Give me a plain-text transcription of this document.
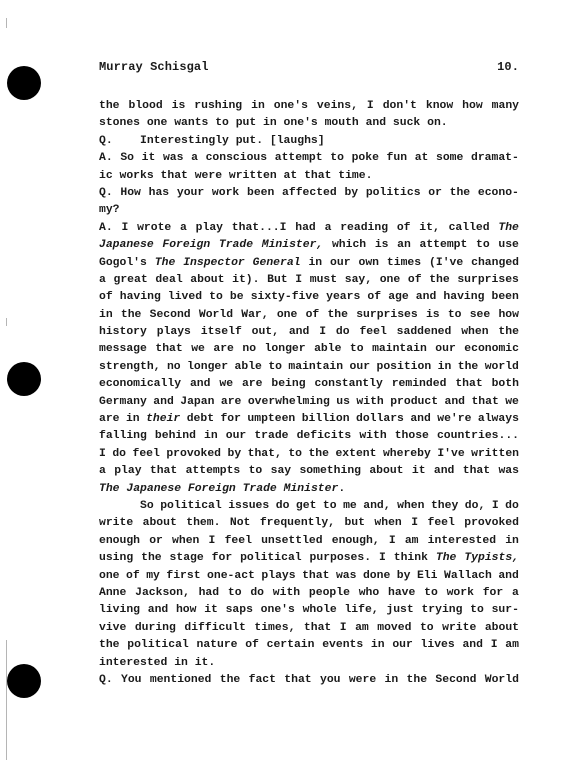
Murray Schisgal	10.
the blood is rushing in one's veins, I don't know how many
stones one wants to put in one's mouth and suck on.
Q.    Interestingly put. [laughs]
A. So it was a conscious attempt to poke fun at some dramat-
ic works that were written at that time.
Q. How has your work been affected by politics or the econo-
my?
A. I wrote a play that...I had a reading of it, called The
Japanese Foreign Trade Minister, which is an attempt to use
Gogol's The Inspector General in our own times (I've changed
a great deal about it). But I must say, one of the surprises
of having lived to be sixty-five years of age and having been
in the Second World War, one of the surprises is to see how
history plays itself out, and I do feel saddened when the
message that we are no longer able to maintain our economic
strength, no longer able to maintain our position in the world
economically and we are being constantly reminded that both
Germany and Japan are overwhelming us with product and that we
are in their debt for umpteen billion dollars and we're always
falling behind in our trade deficits with those countries...
I do feel provoked by that, to the extent whereby I've written
a play that attempts to say something about it and that was
The Japanese Foreign Trade Minister.
So political issues do get to me and, when they do, I do
write about them. Not frequently, but when I feel provoked
enough or when I feel unsettled enough, I am interested in
using the stage for political purposes. I think The Typists,
one of my first one-act plays that was done by Eli Wallach and
Anne Jackson, had to do with people who have to work for a
living and how it saps one's whole life, just trying to sur-
vive during difficult times, that I am moved to write about
the political nature of certain events in our lives and I am
interested in it.
Q. You mentioned the fact that you were in the Second World
